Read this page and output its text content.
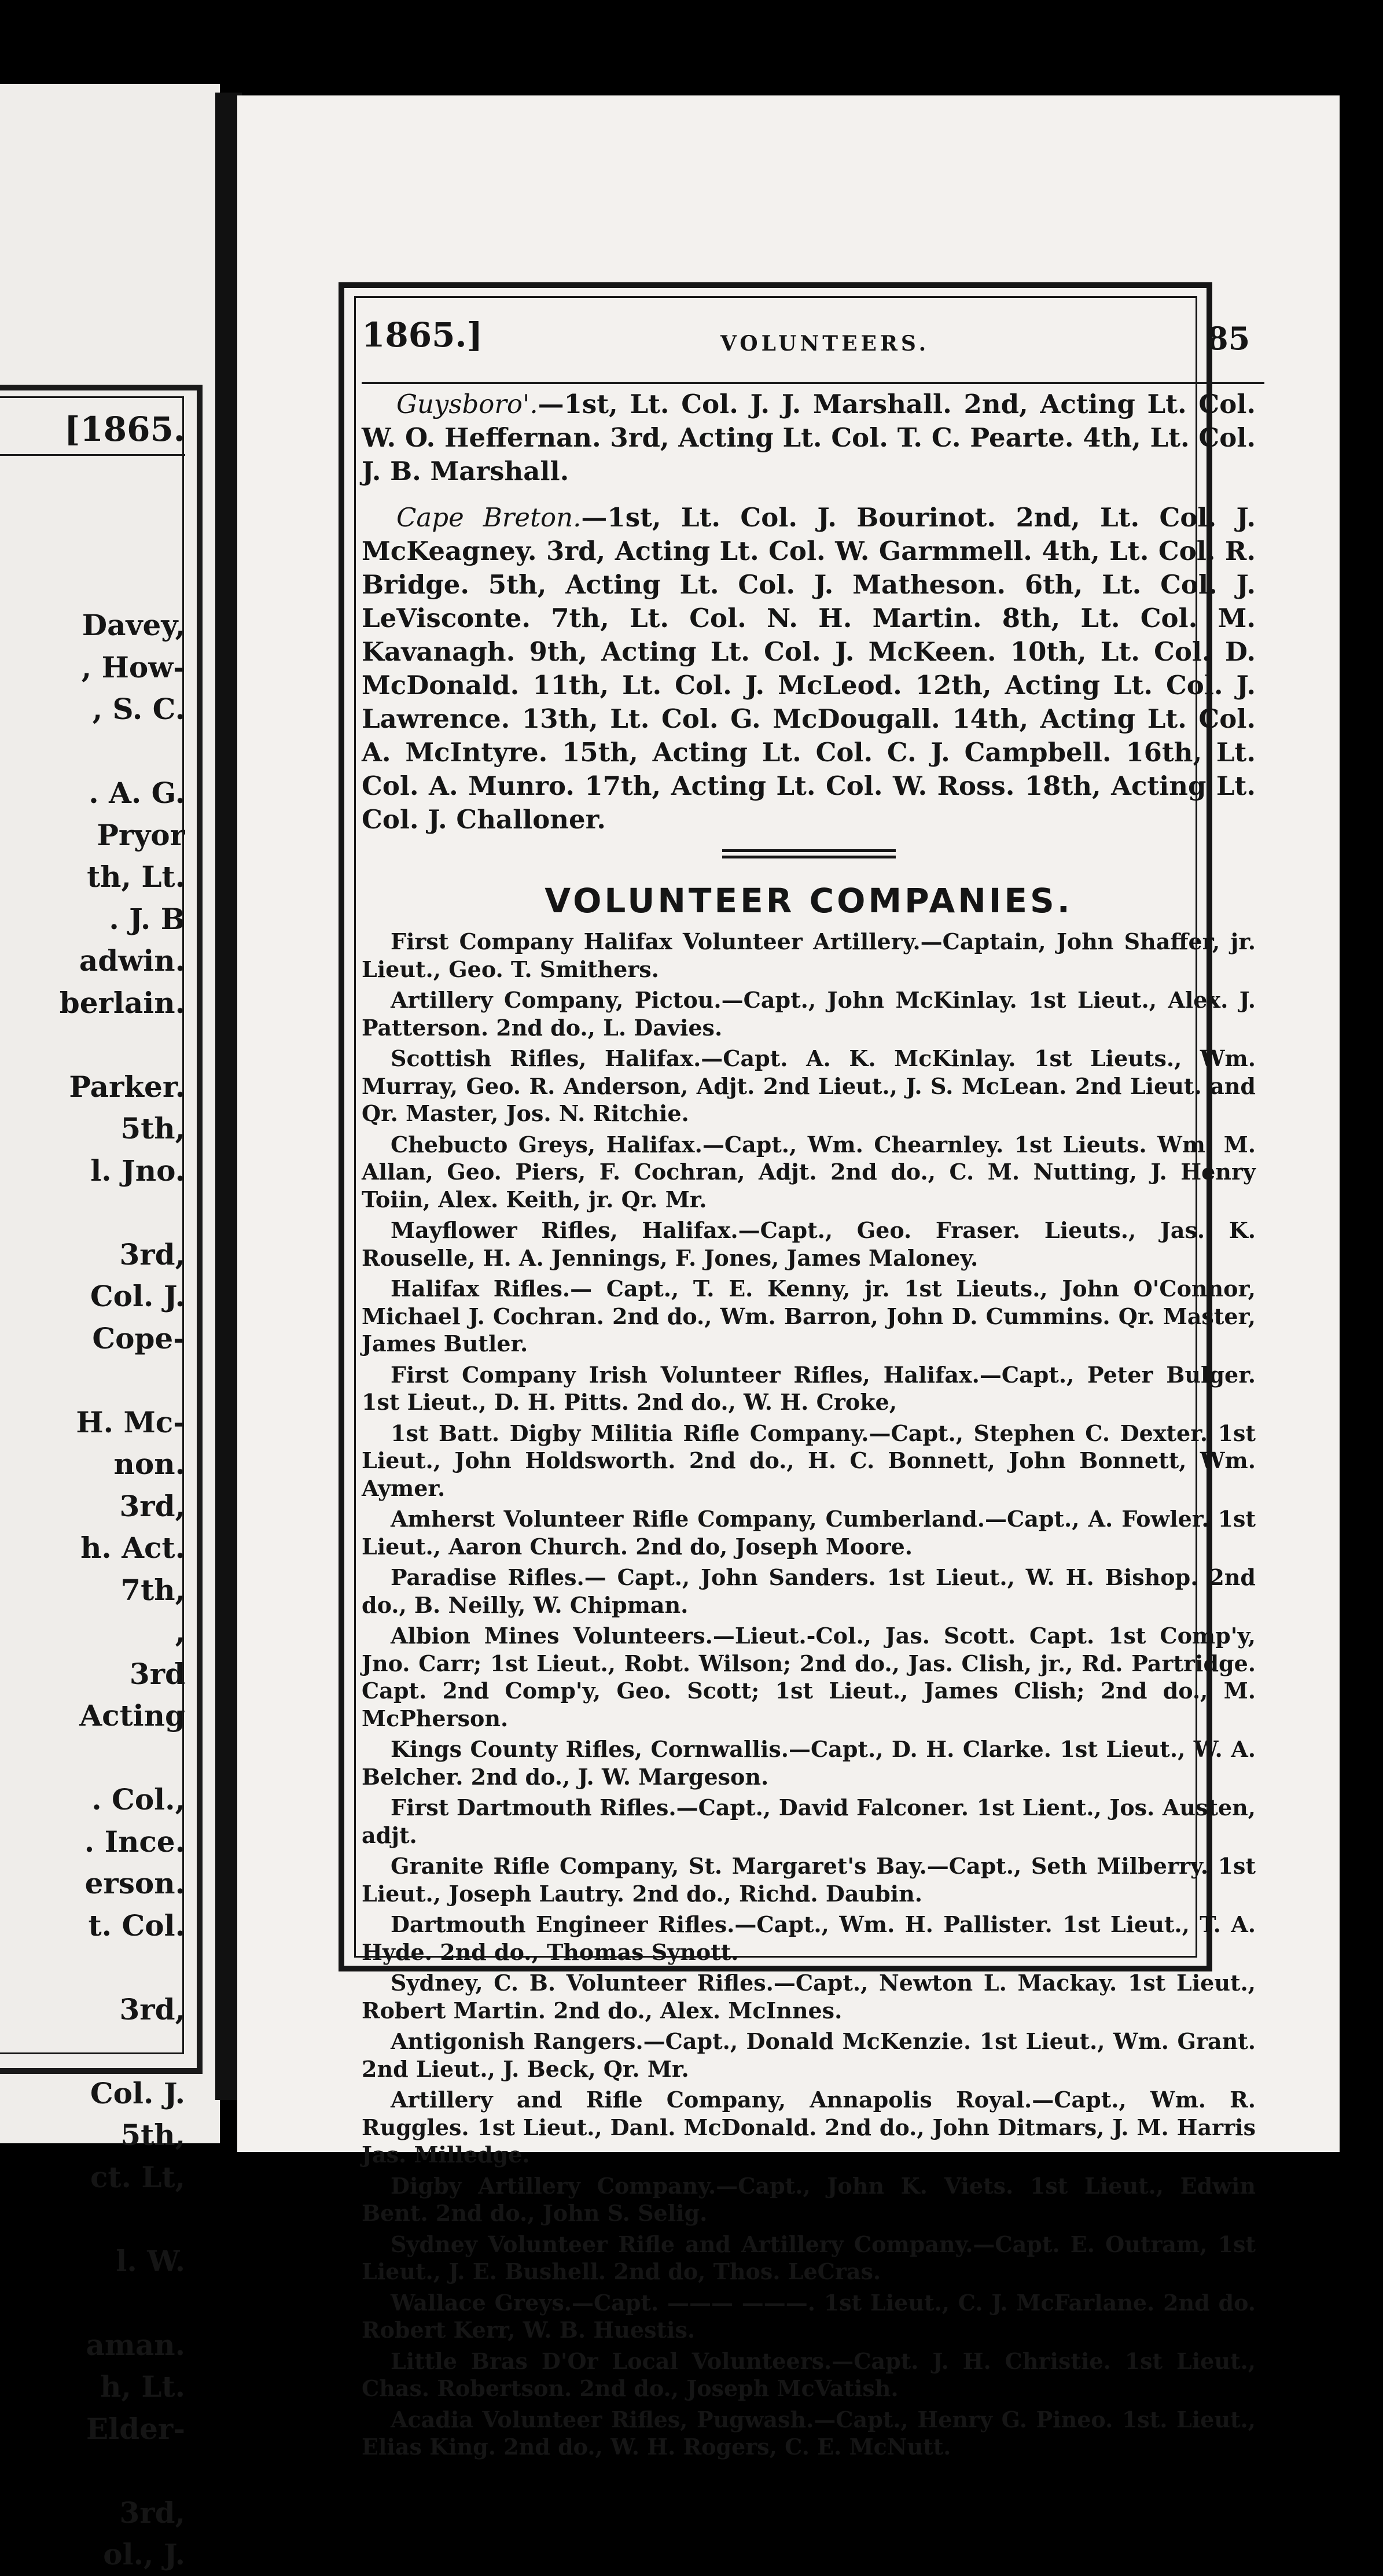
[1865.
Davey,
, How-
, S. C.
. A. G.
Pryor
th, Lt.
. J. B
adwin.
berlain.
Parker.
5th,
l. Jno.
3rd,
Col. J.
Cope-
H. Mc-
non.
3rd,
h. Act.
7th,
,
3rd
Acting
. Col.,
. Ince.
erson.
t. Col.
3rd,
Col. J.
5th,
ct. Lt,
l. W.
aman.
h, Lt.
Elder-
3rd,
ol., J.
1865.]	VOLUNTEERS.	85

Guysboro'.—1st, Lt. Col. J. J. Marshall. 2nd, Acting Lt. Col. W. O. Heffernan. 3rd, Acting Lt. Col. T. C. Pearte. 4th, Lt. Col. J. B. Marshall.

Cape Breton.—1st, Lt. Col. J. Bourinot. 2nd, Lt. Col. J. McKeagney. 3rd, Acting Lt. Col. W. Garmmell. 4th, Lt. Col. R. Bridge. 5th, Acting Lt. Col. J. Matheson. 6th, Lt. Col. J. LeVisconte. 7th, Lt. Col. N. H. Martin. 8th, Lt. Col. M. Kavanagh. 9th, Acting Lt. Col. J. McKeen. 10th, Lt. Col. D. McDonald. 11th, Lt. Col. J. McLeod. 12th, Acting Lt. Col. J. Lawrence. 13th, Lt. Col. G. McDougall. 14th, Acting Lt. Col. A. McIntyre. 15th, Acting Lt. Col. C. J. Campbell. 16th, Lt. Col. A. Munro. 17th, Acting Lt. Col. W. Ross. 18th, Acting Lt. Col. J. Challoner.

VOLUNTEER COMPANIES.

First Company Halifax Volunteer Artillery.—Captain, John Shaffer, jr. Lieut., Geo. T. Smithers.

Artillery Company, Pictou.—Capt., John McKinlay. 1st Lieut., Alex. J. Patterson. 2nd do., L. Davies.

Scottish Rifles, Halifax.—Capt. A. K. McKinlay. 1st Lieuts., Wm. Murray, Geo. R. Anderson, Adjt. 2nd Lieut., J. S. McLean. 2nd Lieut. and Qr. Master, Jos. N. Ritchie.

Chebucto Greys, Halifax.—Capt., Wm. Chearnley. 1st Lieuts. Wm. M. Allan, Geo. Piers, F. Cochran, Adjt. 2nd do., C. M. Nutting, J. Henry Toiin, Alex. Keith, jr. Qr. Mr.

Mayflower Rifles, Halifax.—Capt., Geo. Fraser. Lieuts., Jas. K. Rouselle, H. A. Jennings, F. Jones, James Maloney.

Halifax Rifles.— Capt., T. E. Kenny, jr. 1st Lieuts., John O'Connor, Michael J. Cochran. 2nd do., Wm. Barron, John D. Cummins. Qr. Master, James Butler.

First Company Irish Volunteer Rifles, Halifax.—Capt., Peter Bulger. 1st Lieut., D. H. Pitts. 2nd do., W. H. Croke,

1st Batt. Digby Militia Rifle Company.—Capt., Stephen C. Dexter. 1st Lieut., John Holdsworth. 2nd do., H. C. Bonnett, John Bonnett, Wm. Aymer.

Amherst Volunteer Rifle Company, Cumberland.—Capt., A. Fowler. 1st Lieut., Aaron Church. 2nd do, Joseph Moore.

Paradise Rifles.— Capt., John Sanders. 1st Lieut., W. H. Bishop. 2nd do., B. Neilly, W. Chipman.

Albion Mines Volunteers.—Lieut.-Col., Jas. Scott. Capt. 1st Comp'y, Jno. Carr; 1st Lieut., Robt. Wilson; 2nd do., Jas. Clish, jr., Rd. Partridge. Capt. 2nd Comp'y, Geo. Scott; 1st Lieut., James Clish; 2nd do., M. McPherson.

Kings County Rifles, Cornwallis.—Capt., D. H. Clarke. 1st Lieut., W. A. Belcher. 2nd do., J. W. Margeson.

First Dartmouth Rifles.—Capt., David Falconer. 1st Lient., Jos. Austen, adjt.

Granite Rifle Company, St. Margaret's Bay.—Capt., Seth Milberry. 1st Lieut., Joseph Lautry. 2nd do., Richd. Daubin.

Dartmouth Engineer Rifles.—Capt., Wm. H. Pallister. 1st Lieut., T. A. Hyde. 2nd do., Thomas Synott.

Sydney, C. B. Volunteer Rifles.—Capt., Newton L. Mackay. 1st Lieut., Robert Martin. 2nd do., Alex. McInnes.

Antigonish Rangers.—Capt., Donald McKenzie. 1st Lieut., Wm. Grant. 2nd Lieut., J. Beck, Qr. Mr.

Artillery and Rifle Company, Annapolis Royal.—Capt., Wm. R. Ruggles. 1st Lieut., Danl. McDonald. 2nd do., John Ditmars, J. M. Harris Jas. Milledge.

Digby Artillery Company.—Capt., John K. Viets. 1st Lieut., Edwin Bent. 2nd do., John S. Selig.

Sydney Volunteer Rifle and Artillery Company.—Capt. E. Outram, 1st Lieut., J. E. Bushell. 2nd do, Thos. LeCras.

Wallace Greys.—Capt. ——— ———. 1st Lieut., C. J. McFarlane. 2nd do. Robert Kerr, W. B. Huestis.

Little Bras D'Or Local Volunteers.—Capt. J. H. Christie. 1st Lieut., Chas. Robertson. 2nd do., Joseph McVatish.

Acadia Volunteer Rifles, Pugwash.—Capt., Henry G. Pineo. 1st. Lieut., Elias King. 2nd do., W. H. Rogers, C. E. McNutt.
